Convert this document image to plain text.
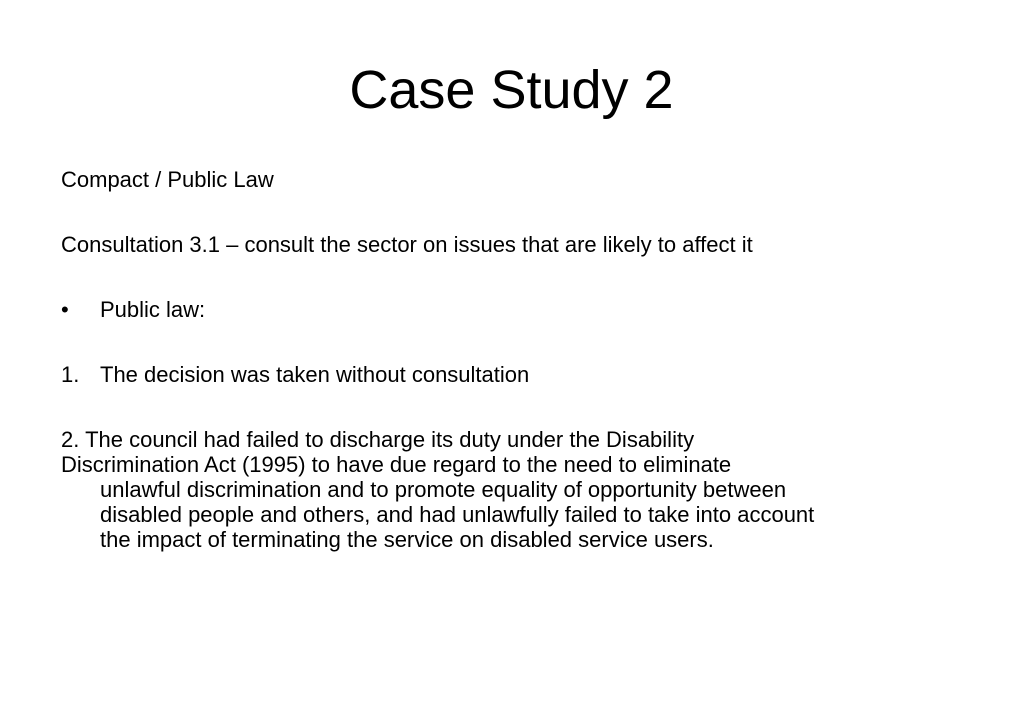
Case Study 2

Compact / Public Law

Consultation 3.1 – consult the sector on issues that are likely to affect it

•	Public law:
1. The decision was taken without consultation
2. The council had failed to discharge its duty under the Disability
Discrimination Act (1995) to have due regard to the need to eliminate
unlawful discrimination and to promote equality of opportunity between
disabled people and others, and had unlawfully failed to take into account
the impact of terminating the service on disabled service users.
